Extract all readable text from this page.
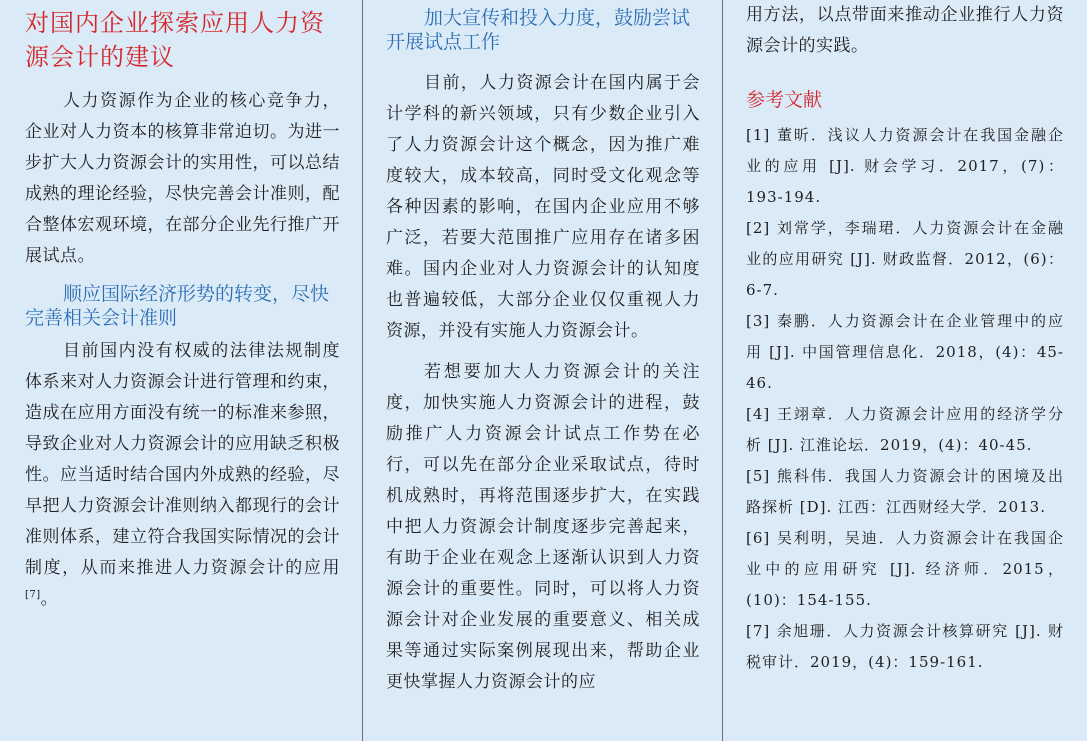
对国内企业探索应用人力资源会计的建议

人力资源作为企业的核心竞争力，企业对人力资本的核算非常迫切。为进一步扩大人力资源会计的实用性，可以总结成熟的理论经验，尽快完善会计准则，配合整体宏观环境，在部分企业先行推广开展试点。

顺应国际经济形势的转变，尽快完善相关会计准则

目前国内没有权威的法律法规制度体系来对人力资源会计进行管理和约束，造成在应用方面没有统一的标准来参照，导致企业对人力资源会计的应用缺乏积极性。应当适时结合国内外成熟的经验，尽早把人力资源会计准则纳入都现行的会计准则体系，建立符合我国实际情况的会计制度，从而来推进人力资源会计的应用[7]。

加大宣传和投入力度，鼓励尝试开展试点工作

目前，人力资源会计在国内属于会计学科的新兴领域，只有少数企业引入了人力资源会计这个概念，因为推广难度较大，成本较高，同时受文化观念等各种因素的影响，在国内企业应用不够广泛，若要大范围推广应用存在诸多困难。国内企业对人力资源会计的认知度也普遍较低，大部分企业仅仅重视人力资源，并没有实施人力资源会计。

若想要加大人力资源会计的关注度，加快实施人力资源会计的进程，鼓励推广人力资源会计试点工作势在必行，可以先在部分企业采取试点，待时机成熟时，再将范围逐步扩大，在实践中把人力资源会计制度逐步完善起来，有助于企业在观念上逐渐认识到人力资源会计的重要性。同时，可以将人力资源会计对企业发展的重要意义、相关成果等通过实际案例展现出来，帮助企业更快掌握人力资源会计的应

用方法，以点带面来推动企业推行人力资源会计的实践。

参考文献

[1] 董昕．浅议人力资源会计在我国金融企业的应用 [J]. 财会学习．2017，(7)：193-194.

[2] 刘常学，李瑞珺．人力资源会计在金融业的应用研究 [J]. 财政监督．2012，(6)：6-7.

[3] 秦鹏．人力资源会计在企业管理中的应用 [J]. 中国管理信息化．2018，(4)：45-46.

[4] 王翊章．人力资源会计应用的经济学分析 [J]. 江淮论坛．2019，(4)：40-45.

[5] 熊科伟．我国人力资源会计的困境及出路探析 [D]. 江西：江西财经大学．2013.

[6] 吴利明，吴迪．人力资源会计在我国企业中的应用研究 [J]. 经济师．2015，(10)：154-155.

[7] 余旭珊．人力资源会计核算研究 [J]. 财税审计．2019，(4)：159-161.
